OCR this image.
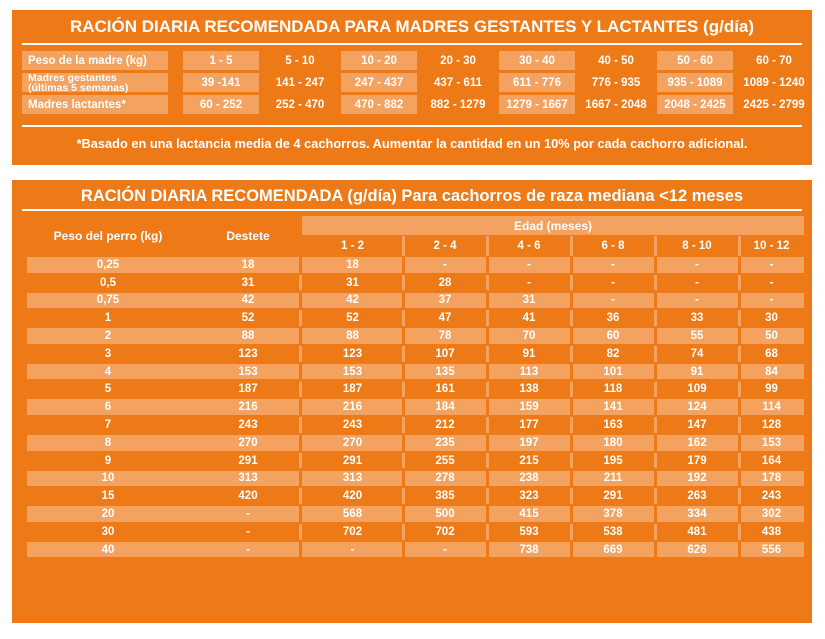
RACIÓN DIARIA RECOMENDADA PARA MADRES GESTANTES Y LACTANTES (g/día)
Peso de la madre (kg)	1 - 5	5 - 10	10 - 20	20 - 30	30 - 40	40 - 50	50 - 60	60 - 70
Madres gestantes
(últimas 5 semanas)	39 -141	141 - 247	247 - 437	437 - 611	611 - 776	776 - 935	935 - 1089	1089 - 1240
Madres lactantes*	60 - 252	252 - 470	470 - 882	882 - 1279	1279 - 1667	1667 - 2048	2048 - 2425	2425 - 2799
*Basado en una lactancia media de 4 cachorros. Aumentar la cantidad en un 10% por cada cachorro adicional.
RACIÓN DIARIA RECOMENDADA (g/día) Para cachorros de raza mediana <12 meses
Peso del perro (kg)	Destete
Edad (meses)
1 - 2	2 - 4	4 - 6	6 - 8	8 - 10	10 - 12
0,25	18	18	-	-	-	-	-
0,5	31	31	28	-	-	-	-
0,75	42	42	37	31	-	-	-
1	52	52	47	41	36	33	30
2	88	88	78	70	60	55	50
3	123	123	107	91	82	74	68
4	153	153	135	113	101	91	84
5	187	187	161	138	118	109	99
6	216	216	184	159	141	124	114
7	243	243	212	177	163	147	128
8	270	270	235	197	180	162	153
9	291	291	255	215	195	179	164
10	313	313	278	238	211	192	178
15	420	420	385	323	291	263	243
20	-	568	500	415	378	334	302
30	-	702	702	593	538	481	438
40	-	-	-	738	669	626	556
